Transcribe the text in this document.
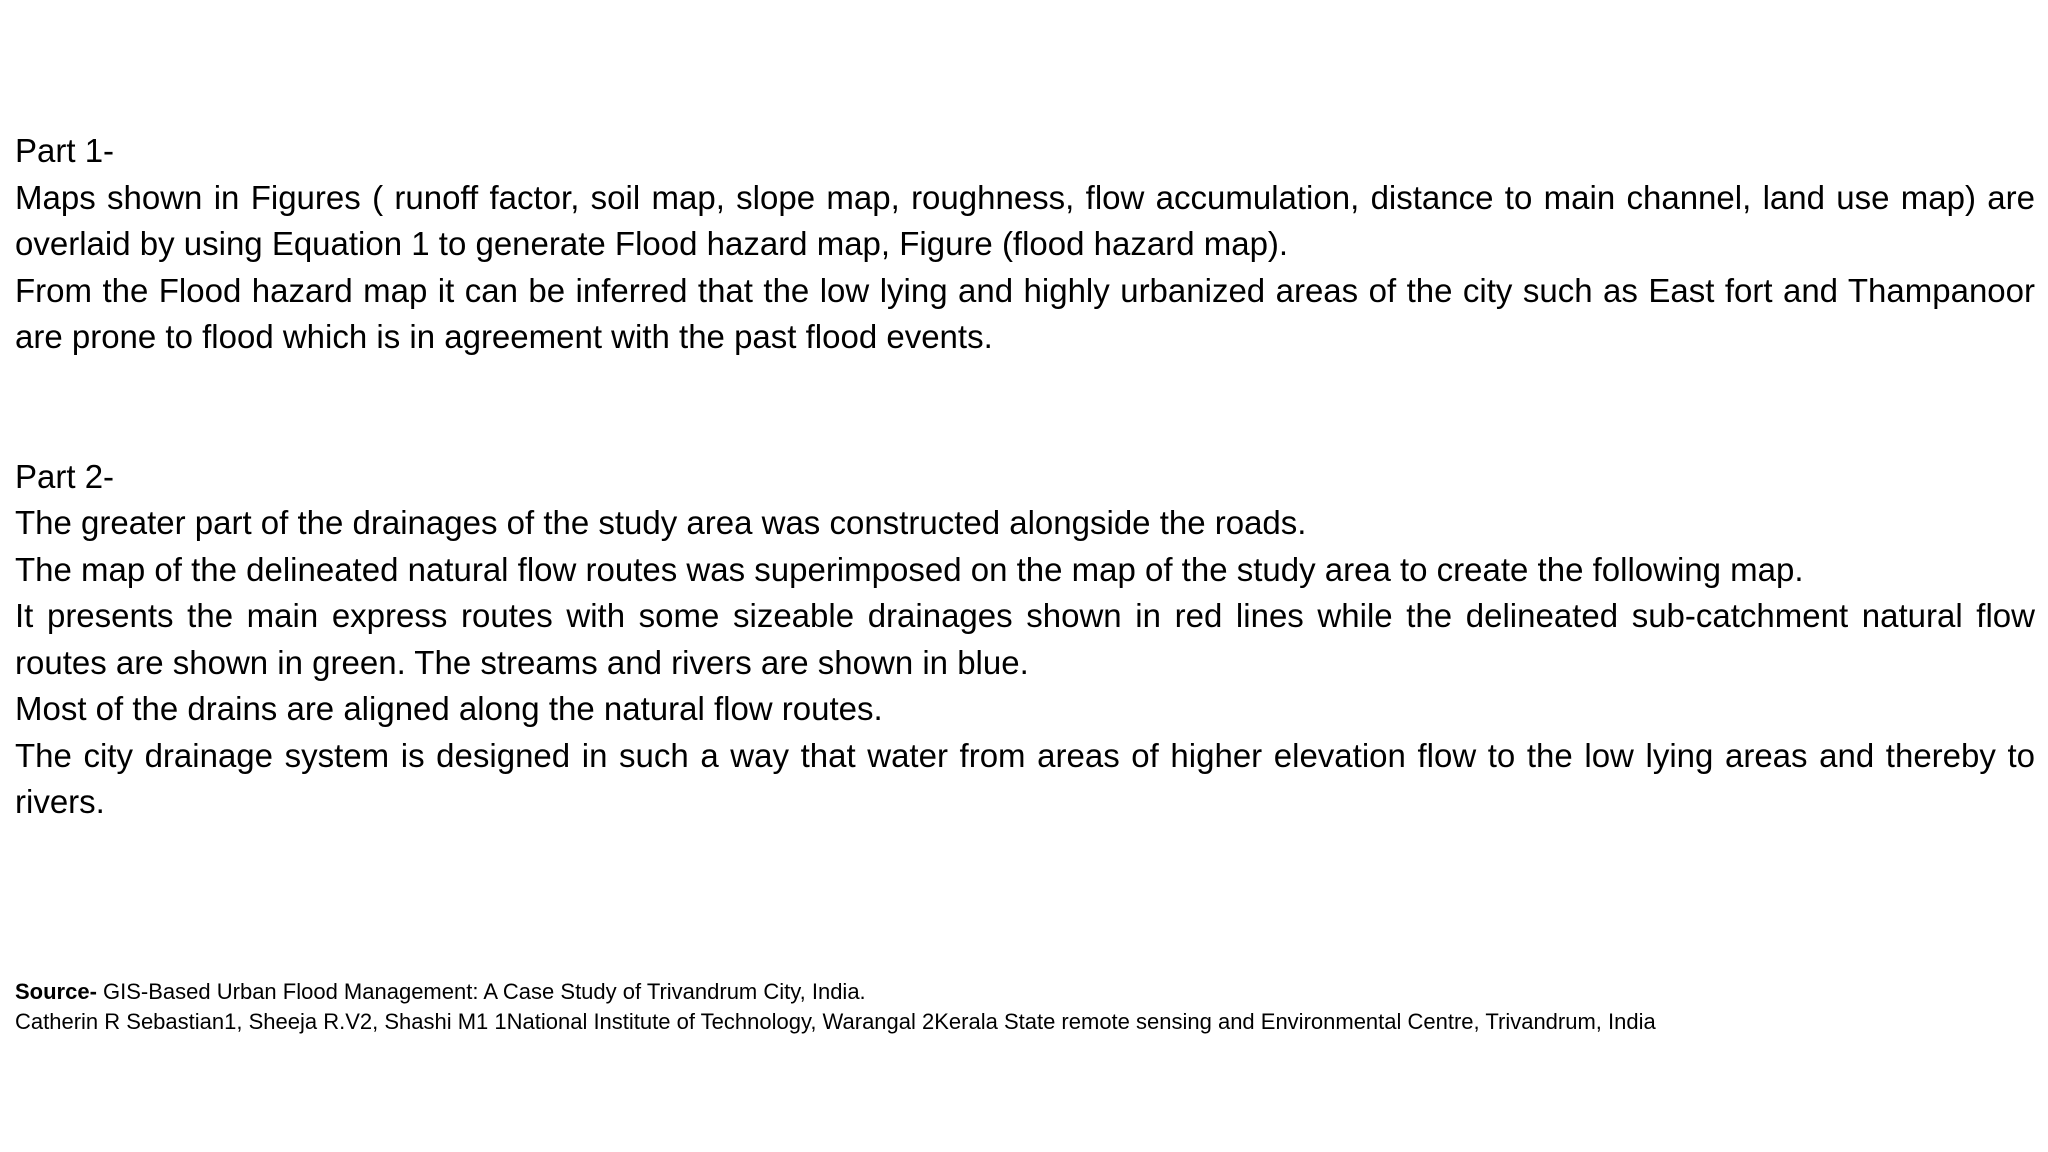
Part 1-

Maps shown in Figures ( runoff factor, soil map, slope map, roughness, flow accumulation, distance to main channel, land use map) are overlaid by using Equation 1 to generate Flood hazard map, Figure (flood hazard map).

From the Flood hazard map it can be inferred that the low lying and highly urbanized areas of the city such as East fort and Thampanoor are prone to flood which is in agreement with the past flood events.

Part 2-

The greater part of the drainages of the study area was constructed alongside the roads.

The map of the delineated natural flow routes was superimposed on the map of the study area to create the following map.

It presents the main express routes with some sizeable drainages shown in red lines while the delineated sub-catchment natural flow routes are shown in green. The streams and rivers are shown in blue.

Most of the drains are aligned along the natural flow routes.

The city drainage system is designed in such a way that water from areas of higher elevation flow to the low lying areas and thereby to rivers.

Source- GIS-Based Urban Flood Management: A Case Study of Trivandrum City, India.

Catherin R Sebastian1, Sheeja R.V2, Shashi M1 1National Institute of Technology, Warangal 2Kerala State remote sensing and Environmental Centre, Trivandrum, India
